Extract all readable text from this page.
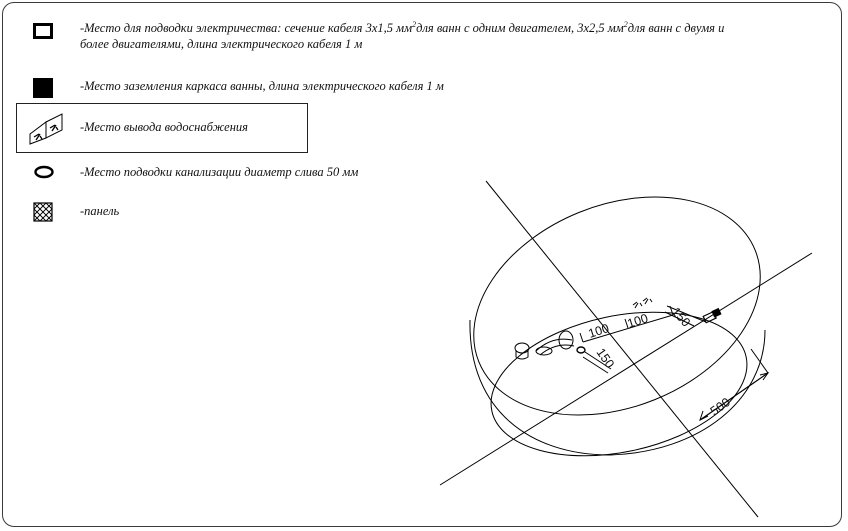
-Место для подводки электричества: сечение кабеля 3х1,5 $мм^2для$ ванн с одним двигателем, 3х2,5 $мм^2для$ ванн с двумя и
более двигателями, длина электрического кабеля 1 м
-Место заземления каркаса ванны, длина электрического кабеля 1 м
-Место вывода водоснабжения
-Место подводки канализации диаметр слива 50 мм
-панель
500
100
100 150
150
